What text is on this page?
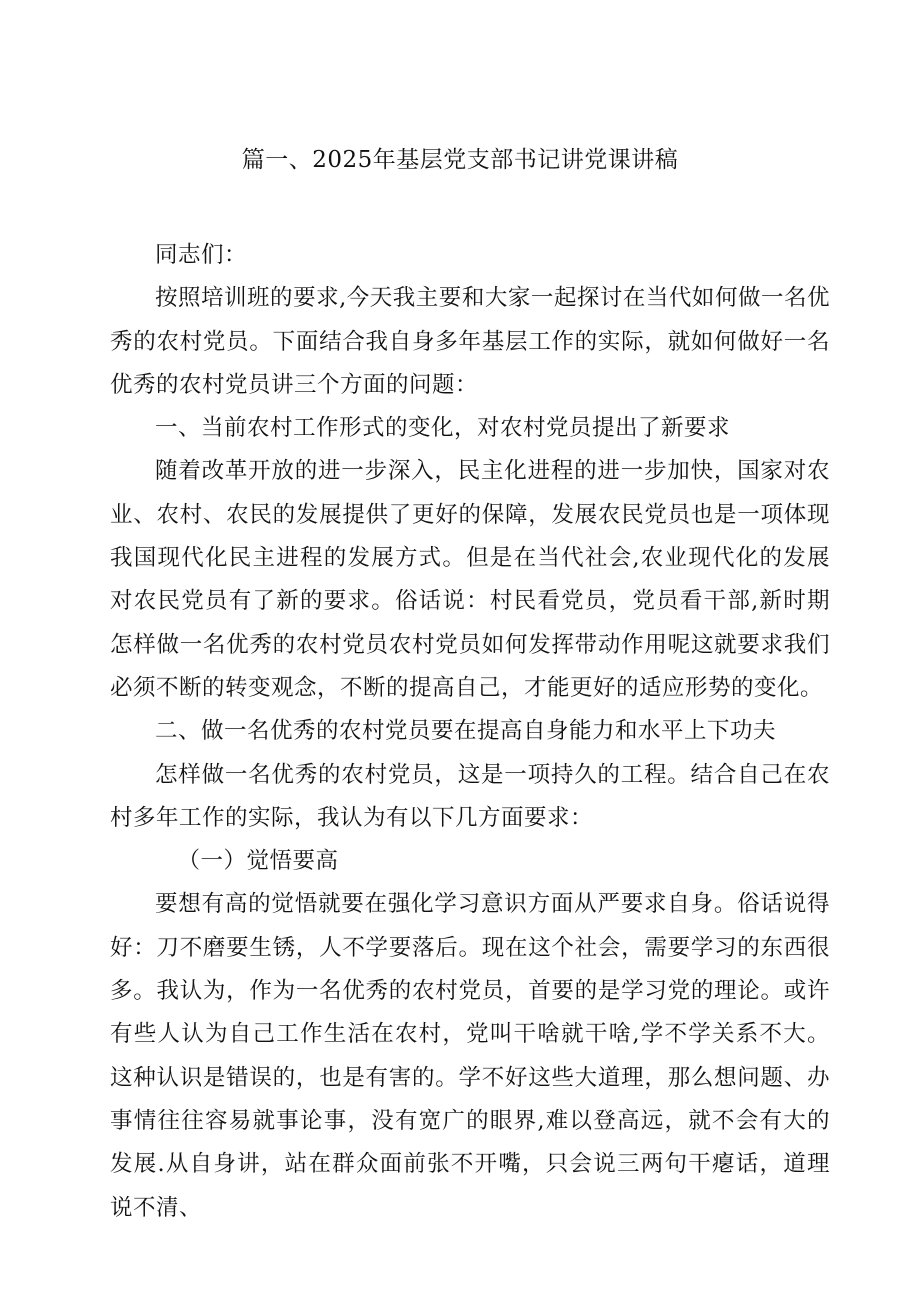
篇一、2025年基层党支部书记讲党课讲稿

同志们：

按照培训班的要求,今天我主要和大家一起探讨在当代如何做一名优秀的农村党员。下面结合我自身多年基层工作的实际，就如何做好一名优秀的农村党员讲三个方面的问题：

一、当前农村工作形式的变化，对农村党员提出了新要求

随着改革开放的进一步深入，民主化进程的进一步加快，国家对农业、农村、农民的发展提供了更好的保障，发展农民党员也是一项体现我国现代化民主进程的发展方式。但是在当代社会,农业现代化的发展对农民党员有了新的要求。俗话说：村民看党员，党员看干部,新时期怎样做一名优秀的农村党员农村党员如何发挥带动作用呢这就要求我们必须不断的转变观念，不断的提高自己，才能更好的适应形势的变化。

二、做一名优秀的农村党员要在提高自身能力和水平上下功夫

怎样做一名优秀的农村党员，这是一项持久的工程。结合自己在农村多年工作的实际，我认为有以下几方面要求：

（一）觉悟要高

要想有高的觉悟就要在强化学习意识方面从严要求自身。俗话说得好：刀不磨要生锈，人不学要落后。现在这个社会，需要学习的东西很多。我认为，作为一名优秀的农村党员，首要的是学习党的理论。或许有些人认为自己工作生活在农村，党叫干啥就干啥,学不学关系不大。这种认识是错误的，也是有害的。学不好这些大道理，那么想问题、办事情往往容易就事论事，没有宽广的眼界,难以登高远，就不会有大的发展.从自身讲，站在群众面前张不开嘴，只会说三两句干瘪话，道理说不清、
